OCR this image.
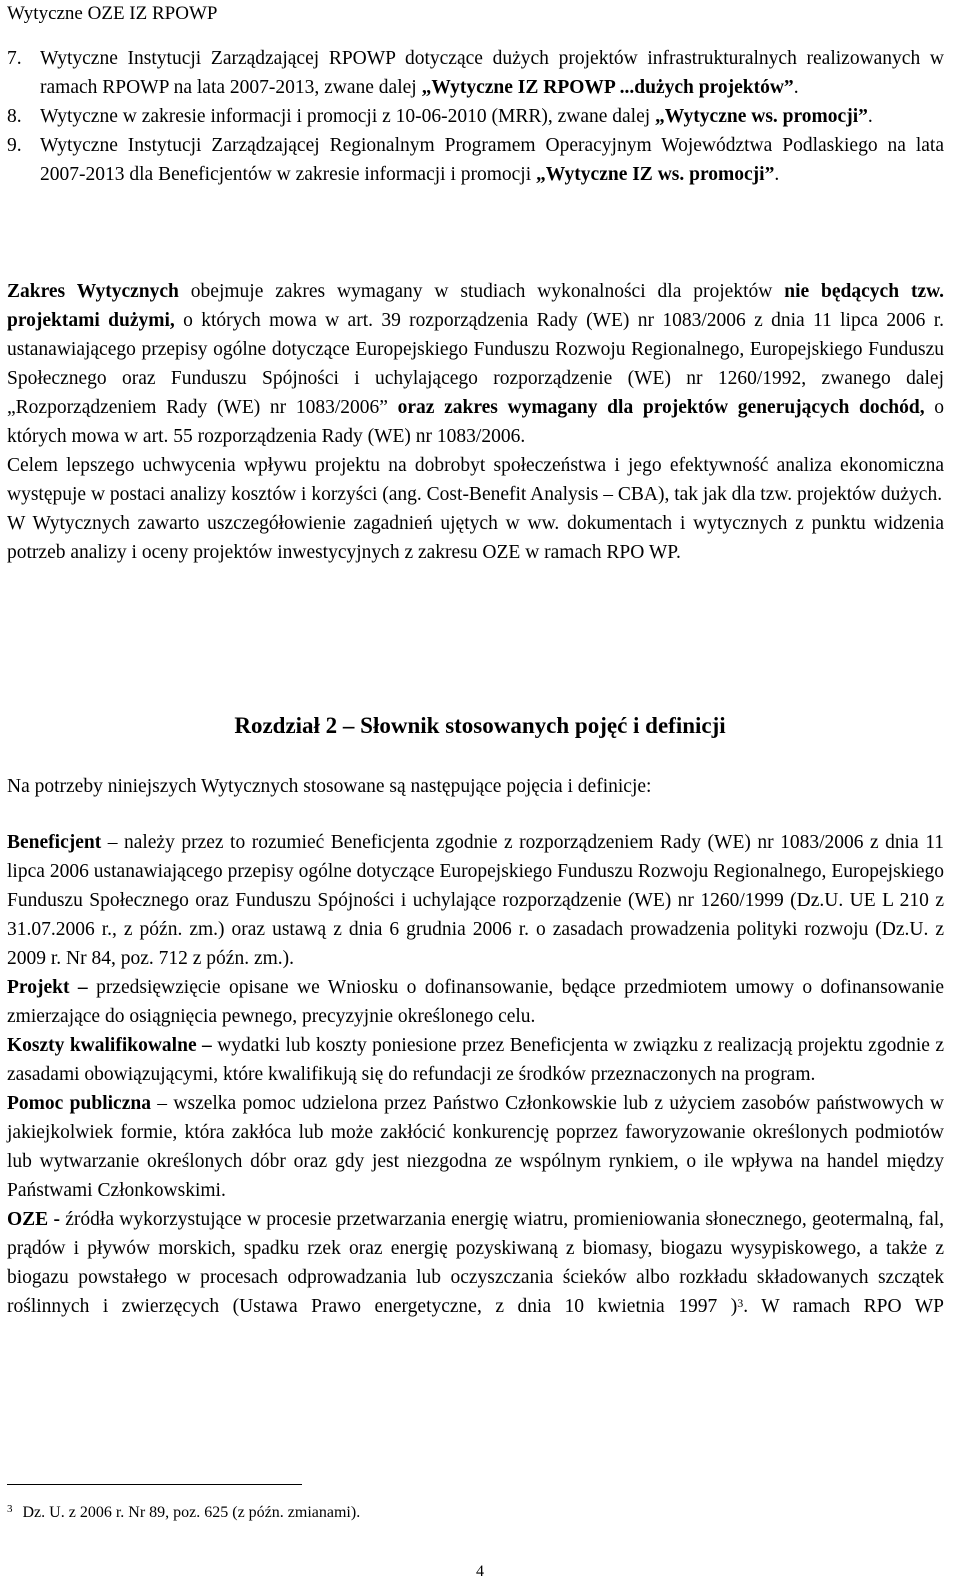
Wytyczne OZE IZ RPOWP
7. Wytyczne Instytucji Zarządzającej RPOWP dotyczące dużych projektów infrastrukturalnych realizowanych w ramach RPOWP na lata 2007-2013, zwane dalej „Wytyczne IZ RPOWP ...dużych projektów”.
8. Wytyczne w zakresie informacji i promocji z 10-06-2010 (MRR), zwane dalej „Wytyczne ws. promocji”.
9. Wytyczne Instytucji Zarządzającej Regionalnym Programem Operacyjnym Województwa Podlaskiego na lata 2007-2013 dla Beneficjentów w zakresie informacji i promocji „Wytyczne IZ ws. promocji”.

Zakres Wytycznych obejmuje zakres wymagany w studiach wykonalności dla projektów nie będących tzw. projektami dużymi, o których mowa w art. 39 rozporządzenia Rady (WE) nr 1083/2006 z dnia 11 lipca 2006 r. ustanawiającego przepisy ogólne dotyczące Europejskiego Funduszu Rozwoju Regionalnego, Europejskiego Funduszu Społecznego oraz Funduszu Spójności i uchylającego rozporządzenie (WE) nr 1260/1992, zwanego dalej „Rozporządzeniem Rady (WE) nr 1083/2006” oraz zakres wymagany dla projektów generujących dochód, o których mowa w art. 55 rozporządzenia Rady (WE) nr 1083/2006.

Celem lepszego uchwycenia wpływu projektu na dobrobyt społeczeństwa i jego efektywność analiza ekonomiczna występuje w postaci analizy kosztów i korzyści (ang. Cost-Benefit Analysis – CBA), tak jak dla tzw. projektów dużych.

W Wytycznych zawarto uszczegółowienie zagadnień ujętych w ww. dokumentach i wytycznych z punktu widzenia potrzeb analizy i oceny projektów inwestycyjnych z zakresu OZE w ramach RPO WP.

Rozdział 2 – Słownik stosowanych pojęć i definicji
Na potrzeby niniejszych Wytycznych stosowane są następujące pojęcia i definicje:

Beneficjent – należy przez to rozumieć Beneficjenta zgodnie z rozporządzeniem Rady (WE) nr 1083/2006 z dnia 11 lipca 2006 ustanawiającego przepisy ogólne dotyczące Europejskiego Funduszu Rozwoju Regionalnego, Europejskiego Funduszu Społecznego oraz Funduszu Spójności i uchylające rozporządzenie (WE) nr 1260/1999 (Dz.U. UE L 210 z 31.07.2006 r., z późn. zm.) oraz ustawą z dnia 6 grudnia 2006 r. o zasadach prowadzenia polityki rozwoju (Dz.U. z 2009 r. Nr 84, poz. 712 z późn. zm.).

Projekt – przedsięwzięcie opisane we Wniosku o dofinansowanie, będące przedmiotem umowy o dofinansowanie zmierzające do osiągnięcia pewnego, precyzyjnie określonego celu.

Koszty kwalifikowalne – wydatki lub koszty poniesione przez Beneficjenta w związku z realizacją projektu zgodnie z zasadami obowiązującymi, które kwalifikują się do refundacji ze środków przeznaczonych na program.

Pomoc publiczna – wszelka pomoc udzielona przez Państwo Członkowskie lub z użyciem zasobów państwowych w jakiejkolwiek formie, która zakłóca lub może zakłócić konkurencję poprzez faworyzowanie określonych podmiotów lub wytwarzanie określonych dóbr oraz gdy jest niezgodna ze wspólnym rynkiem, o ile wpływa na handel między Państwami Członkowskimi.

OZE - źródła wykorzystujące w procesie przetwarzania energię wiatru, promieniowania słonecznego, geotermalną, fal, prądów i pływów morskich, spadku rzek oraz energię pozyskiwaną z biomasy, biogazu wysypiskowego, a także z biogazu powstałego w procesach odprowadzania lub oczyszczania ścieków albo rozkładu składowanych szczątek roślinnych i zwierzęcych (Ustawa Prawo energetyczne, z dnia 10 kwietnia 1997 )$^3$. W ramach RPO WP

$^3$ Dz. U. z 2006 r. Nr 89, poz. 625 (z późn. zmianami).
4
